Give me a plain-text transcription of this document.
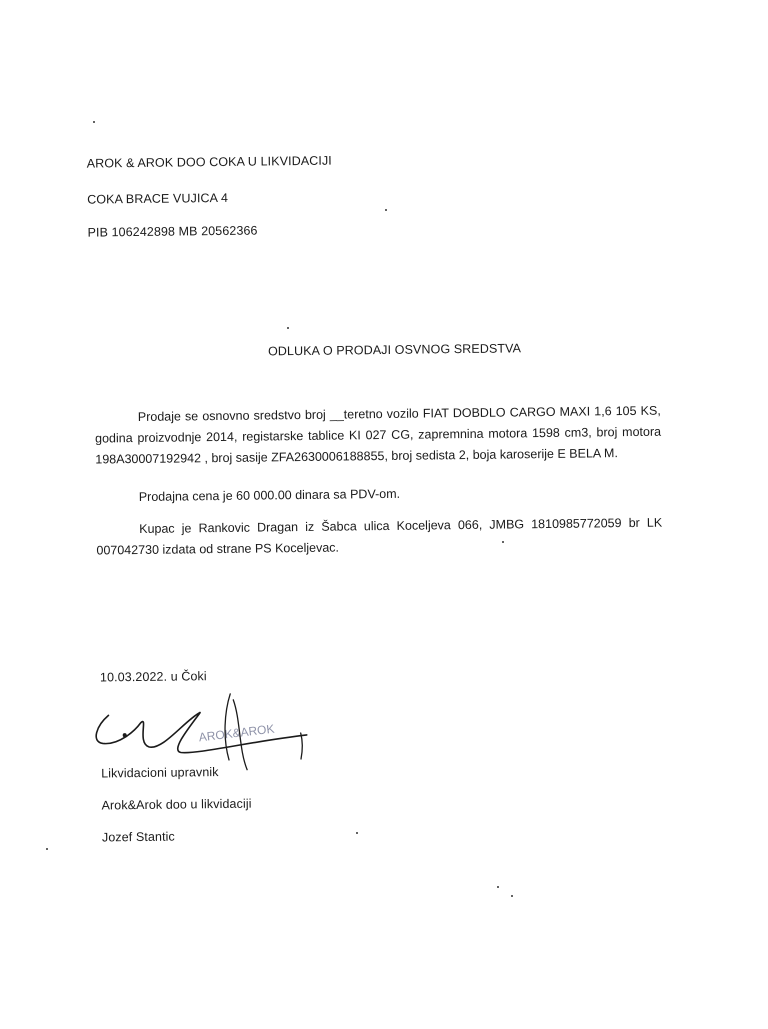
AROK & AROK DOO COKA U LIKVIDACIJI
COKA BRACE VUJICA 4
PIB 106242898 MB 20562366
ODLUKA O PRODAJI OSVNOG SREDSTVA
Prodaje se osnovno sredstvo broj __teretno vozilo FIAT DOBDLO CARGO MAXI 1,6 105 KS, godina proizvodnje 2014, registarske tablice KI 027 CG, zapremnina motora 1598 cm3, broj motora 198A30007192942 , broj sasije ZFA2630006188855, broj sedista 2, boja karoserije E BELA M.
Prodajna cena je 60 000.00 dinara sa PDV-om.
Kupac je Rankovic Dragan iz Šabca ulica Koceljeva 066, JMBG 1810985772059 br LK 007042730 izdata od strane PS Koceljevac.
10.03.2022. u Čoki
AROK&AROK
Likvidacioni upravnik
Arok&Arok doo u likvidaciji
Jozef Stantic
